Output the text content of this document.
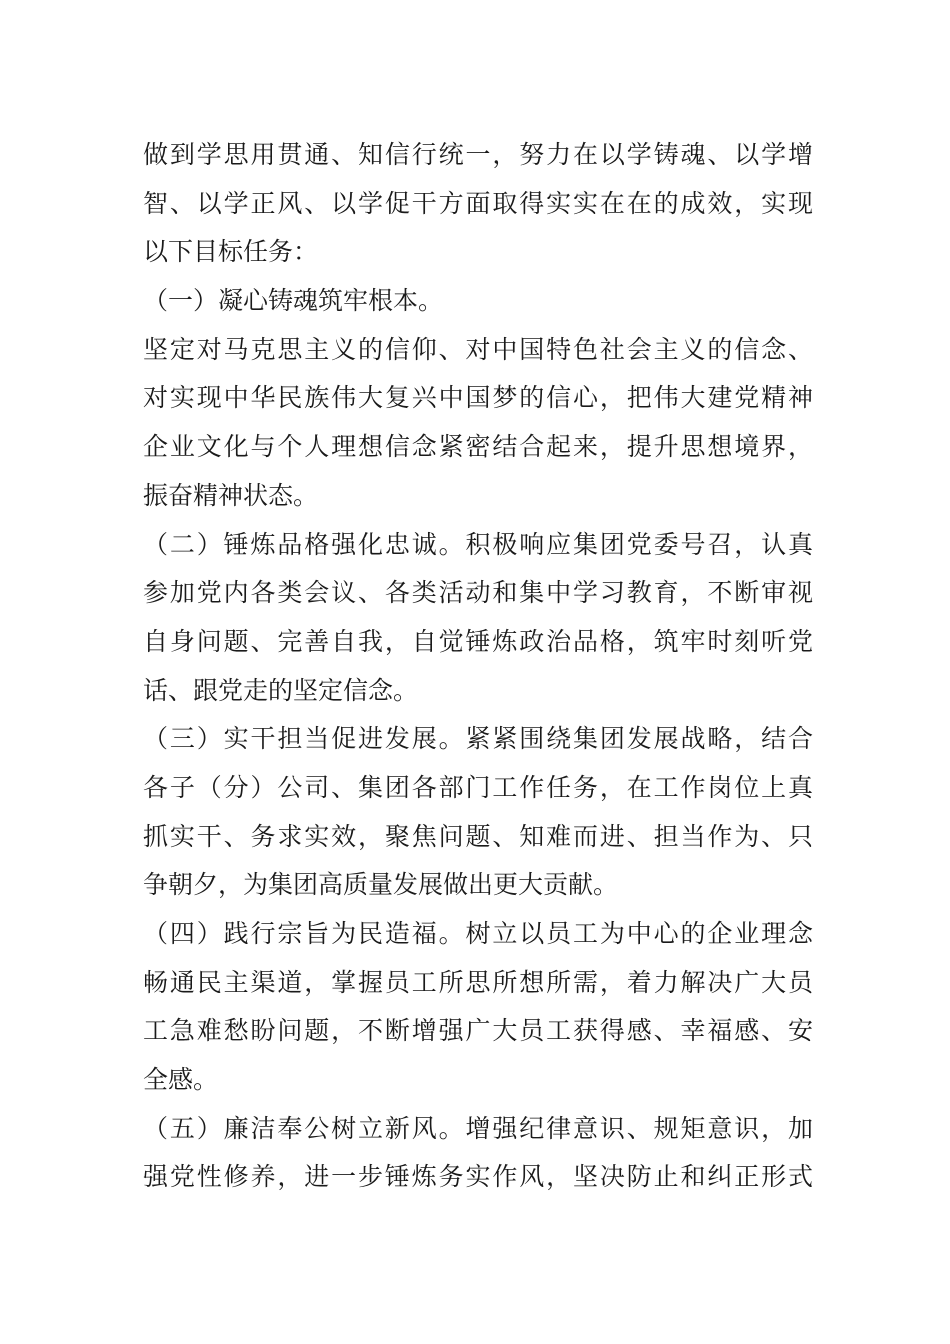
做到学思用贯通、知信行统一，努力在以学铸魂、以学增
智、以学正风、以学促干方面取得实实在在的成效，实现
以下目标任务：
（一）凝心铸魂筑牢根本。
坚定对马克思主义的信仰、对中国特色社会主义的信念、
对实现中华民族伟大复兴中国梦的信心，把伟大建党精神
企业文化与个人理想信念紧密结合起来，提升思想境界，
振奋精神状态。
（二）锤炼品格强化忠诚。积极响应集团党委号召，认真
参加党内各类会议、各类活动和集中学习教育，不断审视
自身问题、完善自我，自觉锤炼政治品格，筑牢时刻听党
话、跟党走的坚定信念。
（三）实干担当促进发展。紧紧围绕集团发展战略，结合
各子（分）公司、集团各部门工作任务，在工作岗位上真
抓实干、务求实效，聚焦问题、知难而进、担当作为、只
争朝夕，为集团高质量发展做出更大贡献。
（四）践行宗旨为民造福。树立以员工为中心的企业理念
畅通民主渠道，掌握员工所思所想所需，着力解决广大员
工急难愁盼问题，不断增强广大员工获得感、幸福感、安
全感。
（五）廉洁奉公树立新风。增强纪律意识、规矩意识，加
强党性修养，进一步锤炼务实作风，坚决防止和纠正形式
